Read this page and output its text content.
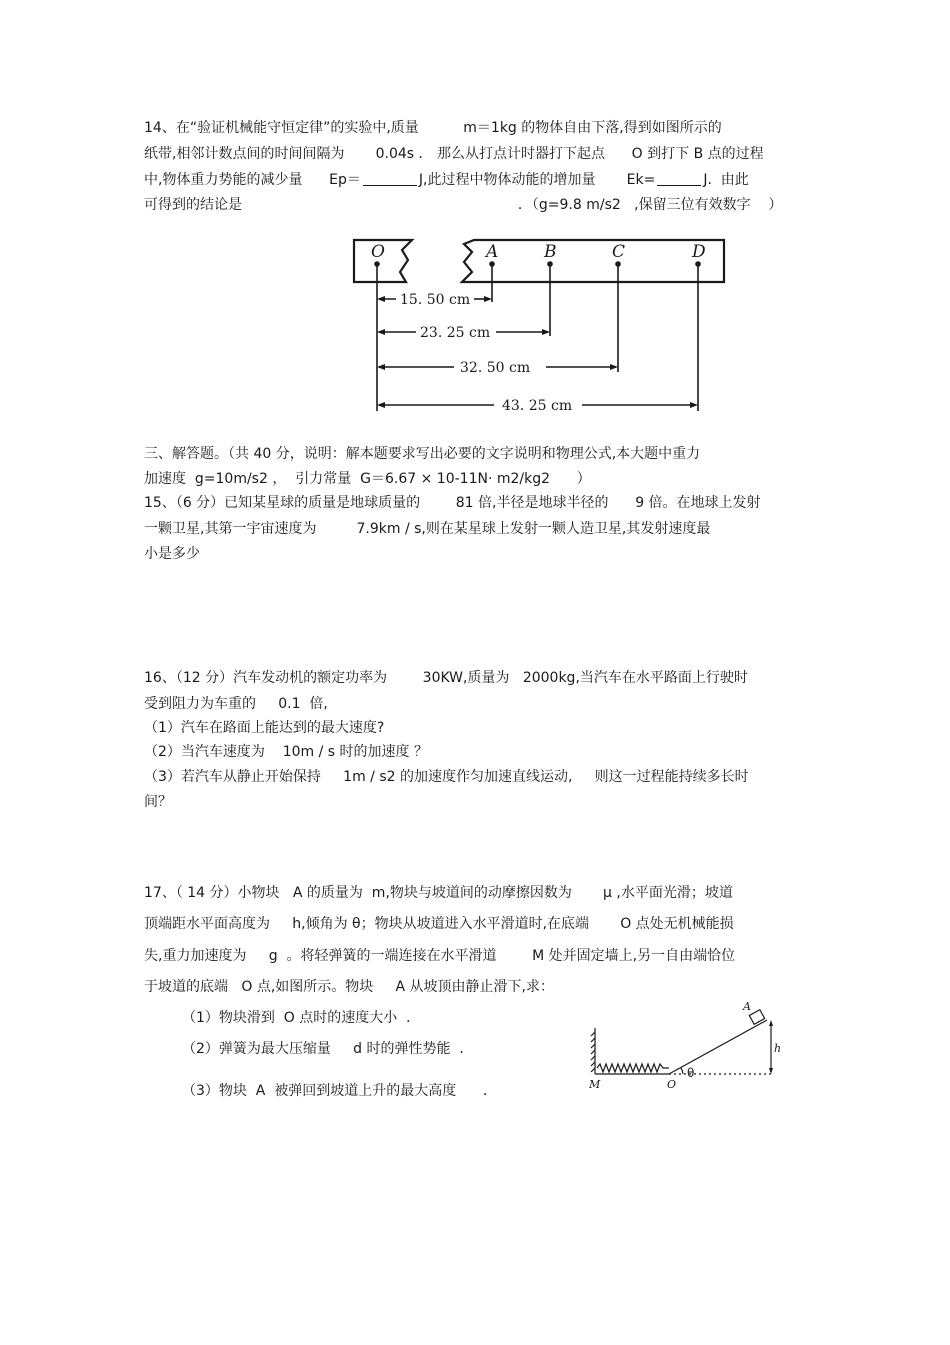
14、在“验证机械能守恒定律”的实验中,质量          m＝1kg 的物体自由下落,得到如图所示的
纸带,相邻计数点间的时间间隔为       0.04s ． 那么从打点计时器打下起点      O 到打下 B 点的过程
中,物体重力势能的减少量      Ep＝	J,此过程中物体动能的增加量       Ek=	J.  由此
可得到的结论是                                                              ．（g=9.8 m/s2   ,保留三位有效数字    ）
O	A	B	C	D
15. 50 cm
23. 25 cm
32. 50 cm
43. 25 cm
三、解答题。（共 40 分，说明：解本题要求写出必要的文字说明和物理公式,本大题中重力
加速度  g=10m/s2 ，  引力常量  G＝6.67 × 10-11N· m2/kg2      ）
15、（6 分）已知某星球的质量是地球质量的        81 倍,半径是地球半径的      9 倍。在地球上发射
一颗卫星,其第一宇宙速度为         7.9km / s,则在某星球上发射一颗人造卫星,其发射速度最
小是多少
16、（12 分）汽车发动机的额定功率为        30KW,质量为   2000kg,当汽车在水平路面上行驶时
受到阻力为车重的     0.1  倍,
（1）汽车在路面上能达到的最大速度?
（2）当汽车速度为    10m / s 时的加速度 ？
（3）若汽车从静止开始保持     1m / s2 的加速度作匀加速直线运动,     则这一过程能持续多长时
间？
17、（ 14 分）小物块   A 的质量为  m,物块与坡道间的动摩擦因数为       μ ,水平面光滑；坡道
顶端距水平面高度为     h,倾角为 θ；物块从坡道进入水平滑道时,在底端       O 点处无机械能损
失,重力加速度为     g  。将轻弹簧的一端连接在水平滑道        M 处并固定墙上,另一自由端恰位
于坡道的底端   O 点,如图所示。物块     A 从坡顶由静止滑下,求：
（1）物块滑到  O 点时的速度大小  ．
（2）弹簧为最大压缩量     d 时的弹性势能  ．
（3）物块  A  被弹回到坡道上升的最大高度      ．
A
h
M	O
θ
